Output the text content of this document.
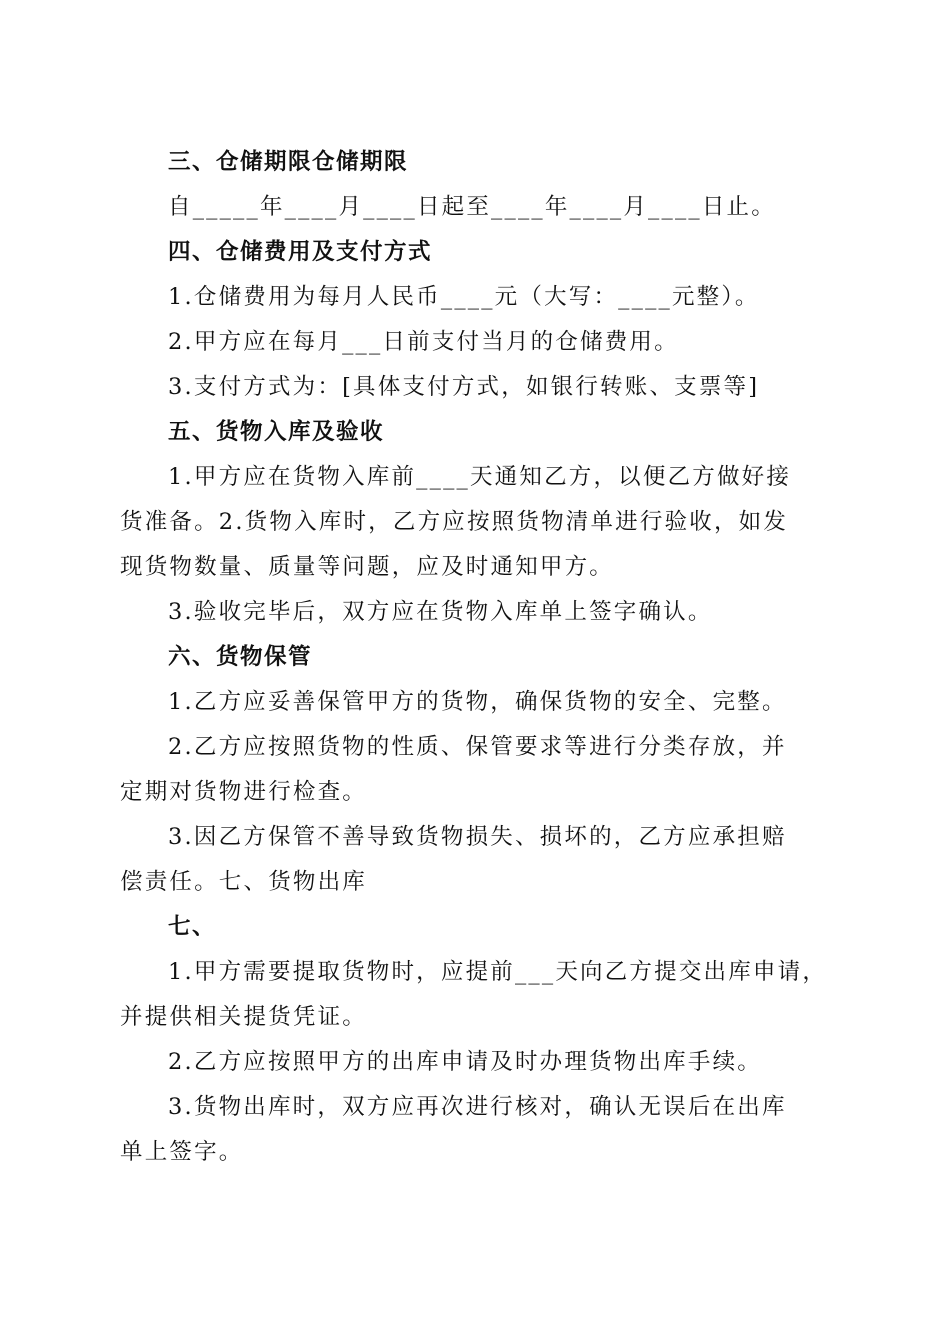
三、仓储期限仓储期限
自_____年____月____日起至____年____月____日止。
四、仓储费用及支付方式
1.仓储费用为每月人民币____元（大写：____元整）。
2.甲方应在每月___日前支付当月的仓储费用。
3.支付方式为：[具体支付方式，如银行转账、支票等]
五、货物入库及验收
1.甲方应在货物入库前____天通知乙方，以便乙方做好接
货准备。2.货物入库时，乙方应按照货物清单进行验收，如发
现货物数量、质量等问题，应及时通知甲方。
3.验收完毕后，双方应在货物入库单上签字确认。
六、货物保管
1.乙方应妥善保管甲方的货物，确保货物的安全、完整。
2.乙方应按照货物的性质、保管要求等进行分类存放，并
定期对货物进行检查。
3.因乙方保管不善导致货物损失、损坏的，乙方应承担赔
偿责任。七、货物出库
七、
1.甲方需要提取货物时，应提前___天向乙方提交出库申请，
并提供相关提货凭证。
2.乙方应按照甲方的出库申请及时办理货物出库手续。
3.货物出库时，双方应再次进行核对，确认无误后在出库
单上签字。
